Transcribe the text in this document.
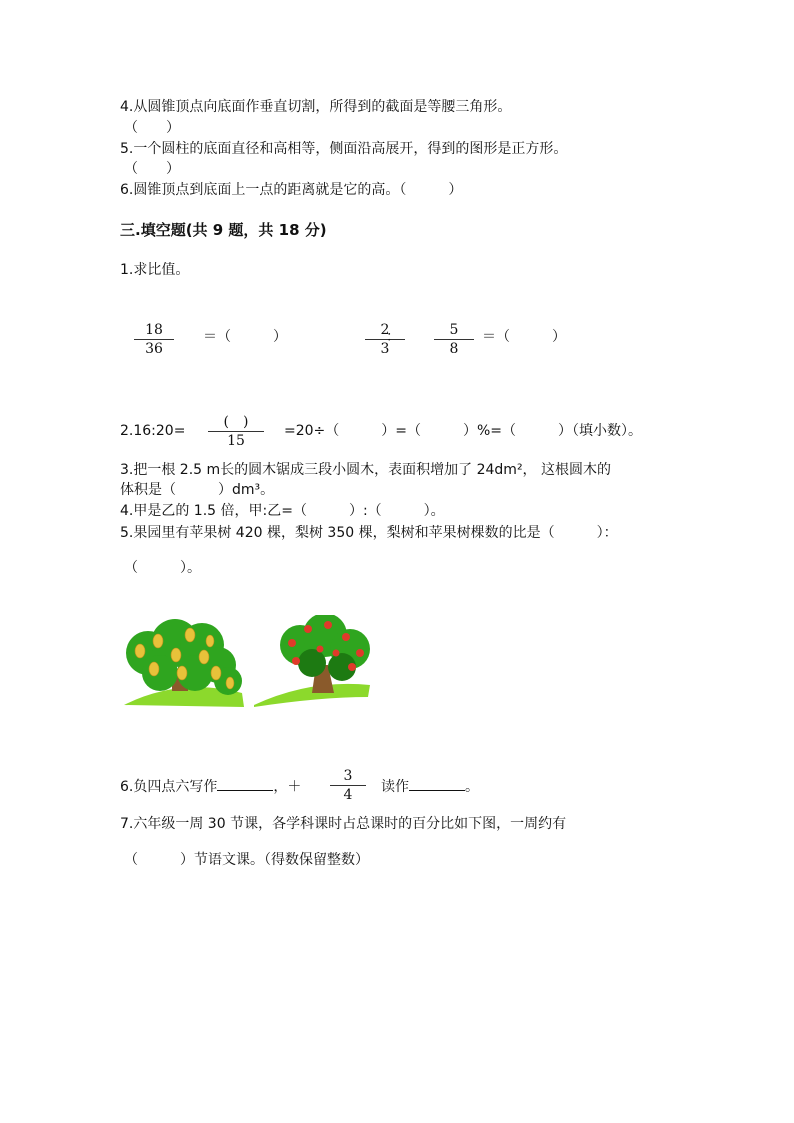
4.从圆锥顶点向底面作垂直切割，所得到的截面是等腰三角形。
（　　）
5.一个圆柱的底面直径和高相等，侧面沿高展开，得到的图形是正方形。
（　　）
6.圆锥顶点到底面上一点的距离就是它的高。（　　　）
三.填空题(共 9 题，共 18 分)
1.求比值。
18
36
＝（　　　）	2
3
：	5
8
＝（　　　）
2.16:20=
(　)
15
=20÷（　　　）=（　　　）%=（　　　）（填小数）。
3.把一根 2.5 m长的圆木锯成三段小圆木，表面积增加了 24dm²， 这根圆木的
体积是（　　　）dm³。
4.甲是乙的 1.5 倍，甲:乙=（　　　）:（　　　）。
5.果园里有苹果树 420 棵，梨树 350 棵，梨树和苹果树棵数的比是（　　　）：
（　　　）。
6.负四点六写作	，＋
3
4	读作	。
7.六年级一周 30 节课，各学科课时占总课时的百分比如下图，一周约有
（　　　）节语文课。（得数保留整数）
